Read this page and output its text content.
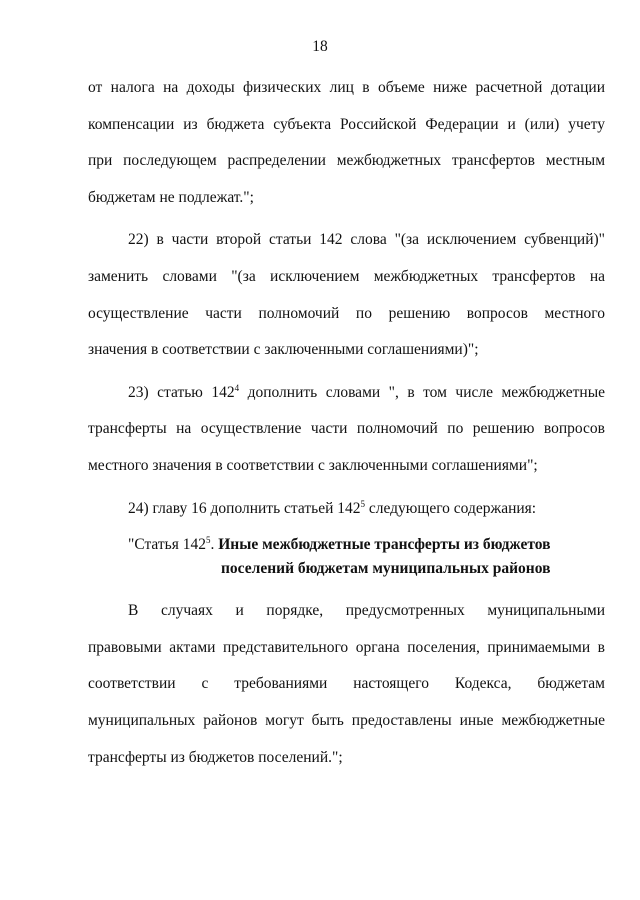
18
от налога на доходы физических лиц в объеме ниже расчетной дотации
компенсации из бюджета субъекта Российской Федерации и (или) учету
при последующем распределении межбюджетных трансфертов местным
бюджетам не подлежат.";
22) в части второй статьи 142 слова "(за исключением субвенций)"
заменить словами "(за исключением межбюджетных трансфертов на
осуществление части полномочий по решению вопросов местного
значения в соответствии с заключенными соглашениями)";
23) статью $142^4$ дополнить словами ", в том числе межбюджетные
трансферты на осуществление части полномочий по решению вопросов
местного значения в соответствии с заключенными соглашениями";
24) главу 16 дополнить статьей $142^5$ следующего содержания:
"Статья $142^5$. Иные межбюджетные трансферты из бюджетов
поселений бюджетам муниципальных районов
В случаях и порядке, предусмотренных муниципальными
правовыми актами представительного органа поселения, принимаемыми в
соответствии с требованиями настоящего Кодекса, бюджетам
муниципальных районов могут быть предоставлены иные межбюджетные
трансферты из бюджетов поселений.";
